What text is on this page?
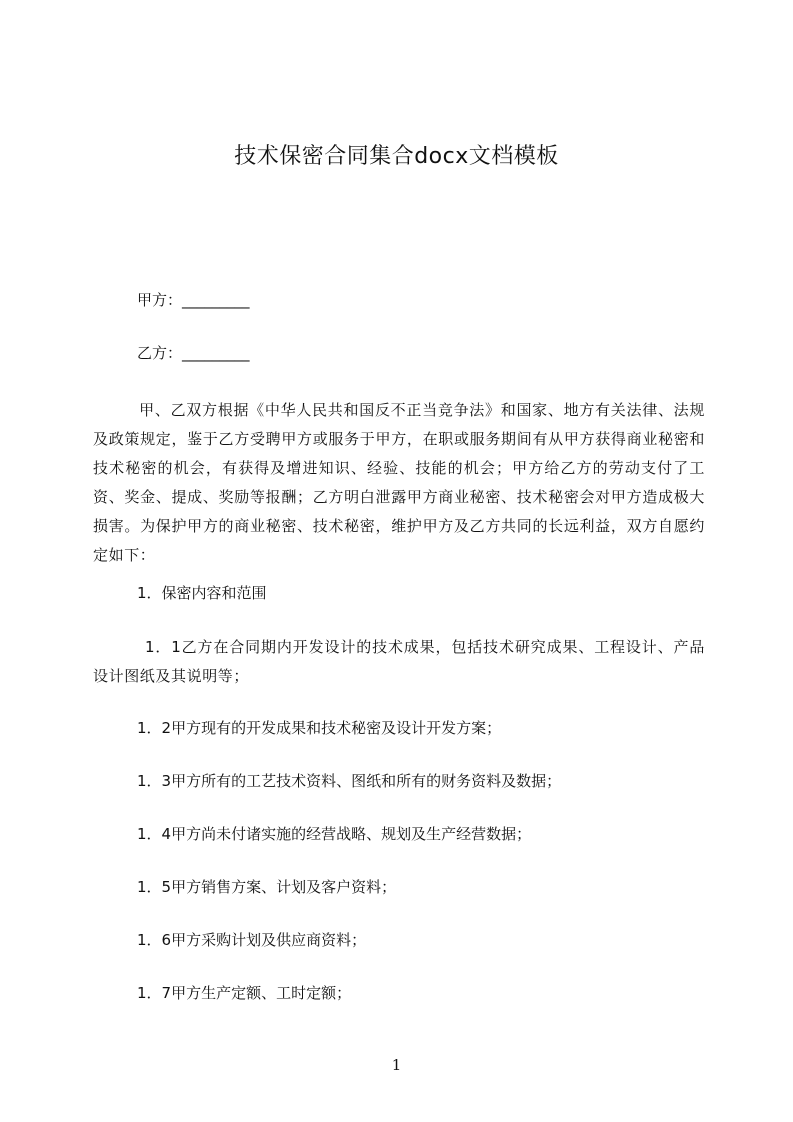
技术保密合同集合docx文档模板
甲方：_________
乙方：_________
甲、乙双方根据《中华人民共和国反不正当竞争法》和国家、地方有关法律、法规及政策规定，鉴于乙方受聘甲方或服务于甲方，在职或服务期间有从甲方获得商业秘密和技术秘密的机会，有获得及增进知识、经验、技能的机会；甲方给乙方的劳动支付了工资、奖金、提成、奖励等报酬；乙方明白泄露甲方商业秘密、技术秘密会对甲方造成极大损害。为保护甲方的商业秘密、技术秘密，维护甲方及乙方共同的长远利益，双方自愿约定如下：
1．保密内容和范围
1．1乙方在合同期内开发设计的技术成果，包括技术研究成果、工程设计、产品设计图纸及其说明等；
1．2甲方现有的开发成果和技术秘密及设计开发方案；
1．3甲方所有的工艺技术资料、图纸和所有的财务资料及数据；
1．4甲方尚未付诸实施的经营战略、规划及生产经营数据；
1．5甲方销售方案、计划及客户资料；
1．6甲方采购计划及供应商资料；
1．7甲方生产定额、工时定额；
1
